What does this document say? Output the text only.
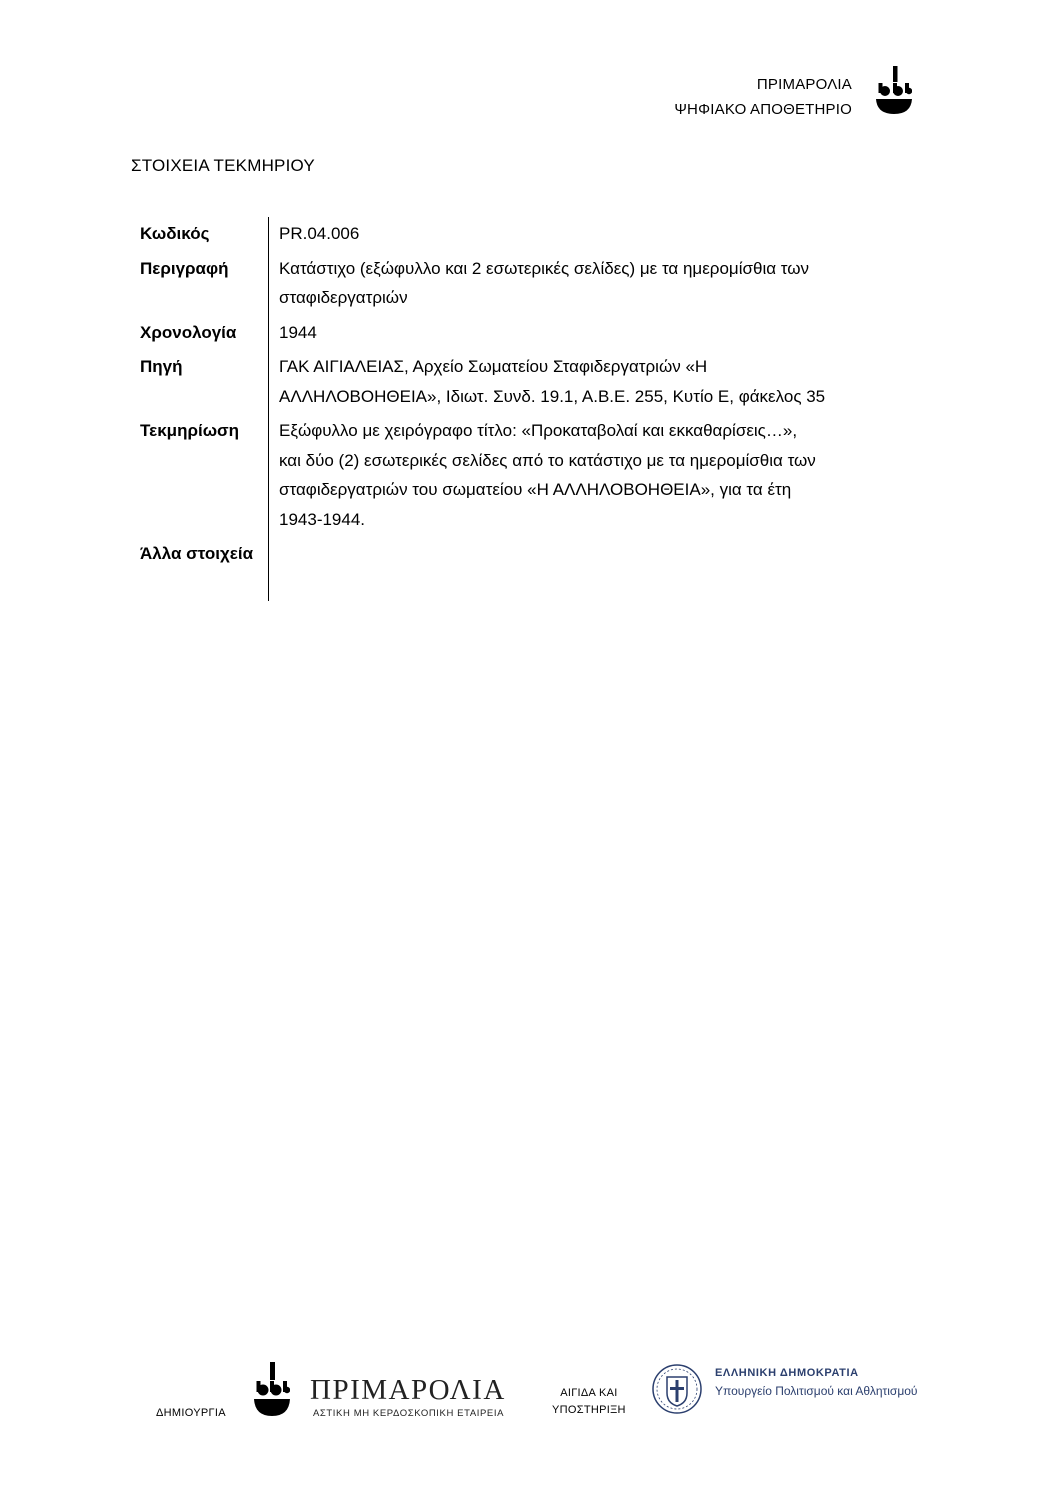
ΠΡΙΜΑΡΟΛΙΑ
ΨΗΦΙΑΚΟ ΑΠΟΘΕΤΗΡΙΟ
ΣΤΟΙΧΕΙΑ ΤΕΚΜΗΡΙΟΥ
Κωδικός	PR.04.006
Περιγραφή	Κατάστιχο (εξώφυλλο και 2 εσωτερικές σελίδες) με τα ημερομίσθια των
σταφιδεργατριών
Χρονολογία	1944
Πηγή	ΓΑΚ ΑΙΓΙΑΛΕΙΑΣ, Αρχείο Σωματείου Σταφιδεργατριών «Η
ΑΛΛΗΛΟΒΟΗΘΕΙΑ», Ιδιωτ. Συνδ. 19.1, Α.Β.Ε. 255, Κυτίο Ε, φάκελος 35
Τεκμηρίωση	Εξώφυλλο με χειρόγραφο τίτλο: «Προκαταβολαί και εκκαθαρίσεις…»,
και δύο (2) εσωτερικές σελίδες από το κατάστιχο με τα ημερομίσθια των
σταφιδεργατριών του σωματείου «Η ΑΛΛΗΛΟΒΟΗΘΕΙΑ», για τα έτη
1943-1944.
Άλλα στοιχεία
ΔΗΜΙΟΥΡΓΙΑ
ΠΡΙΜΑΡΟΛΙΑ
ΑΣΤΙΚΗ ΜΗ ΚΕΡΔΟΣΚΟΠΙΚΗ ΕΤΑΙΡΕΙΑ
ΑΙΓΙΔΑ ΚΑΙ
ΥΠΟΣΤΗΡΙΞΗ
ΕΛΛΗΝΙΚΗ ΔΗΜΟΚΡΑΤΙΑ
Υπουργείο Πολιτισμού και Αθλητισμού
